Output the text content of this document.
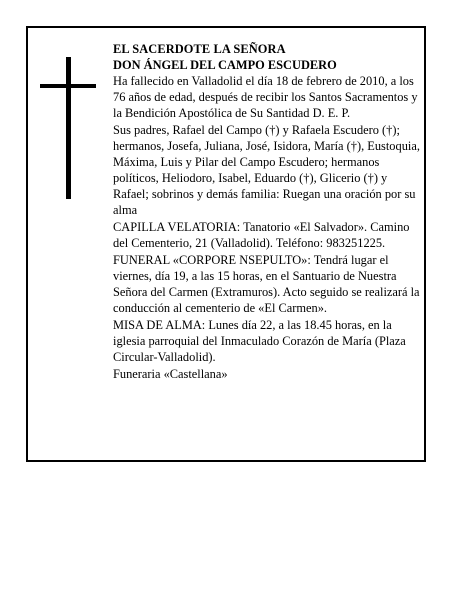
EL SACERDOTE LA SEÑORA
DON ÁNGEL DEL CAMPO ESCUDERO

Ha fallecido en Valladolid el día 18 de febrero de 2010, a los 76 años de edad, después de recibir los Santos Sacramentos y la Bendición Apostólica de Su Santidad D. E. P.

Sus padres, Rafael del Campo (†) y Rafaela Escudero (†); hermanos, Josefa, Juliana, José, Isidora, María (†), Eustoquia, Máxima, Luis y Pilar del Campo Escudero; hermanos políticos, Heliodoro, Isabel, Eduardo (†), Glicerio (†) y Rafael; sobrinos y demás familia: Ruegan una oración por su alma

CAPILLA VELATORIA: Tanatorio «El Salvador». Camino del Cementerio, 21 (Valladolid). Teléfono: 983251225.

FUNERAL «CORPORE NSEPULTO»: Tendrá lugar el viernes, día 19, a las 15 horas, en el Santuario de Nuestra Señora del Carmen (Extramuros). Acto seguido se realizará la conducción al cementerio de «El Carmen».

MISA DE ALMA: Lunes día 22, a las 18.45 horas, en la iglesia parroquial del Inmaculado Corazón de María (Plaza Circular-Valladolid).

Funeraria «Castellana»
